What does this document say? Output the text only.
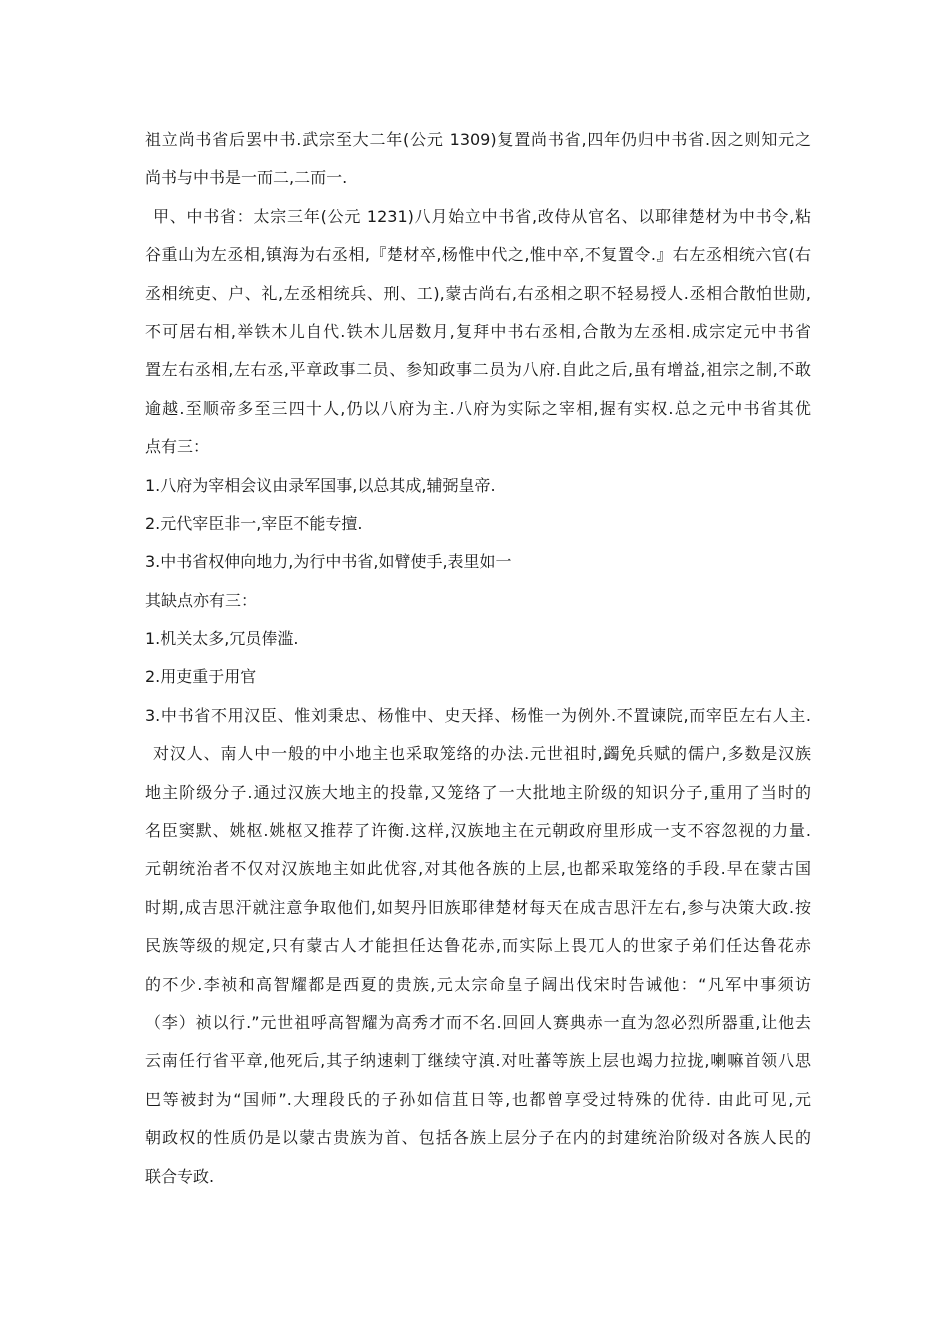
祖立尚书省后罢中书.武宗至大二年(公元 1309)复置尚书省,四年仍归中书省.因之则知元之
尚书与中书是一而二,二而一.
甲、中书省：太宗三年(公元 1231)八月始立中书省,改侍从官名、以耶律楚材为中书令,粘
谷重山为左丞相,镇海为右丞相,『楚材卒,杨惟中代之,惟中卒,不复置令.』右左丞相统六官(右
丞相统吏、户、礼,左丞相统兵、刑、工),蒙古尚右,右丞相之职不轻易授人.丞相合散怕世勋,
不可居右相,举铁木儿自代.铁木儿居数月,复拜中书右丞相,合散为左丞相.成宗定元中书省
置左右丞相,左右丞,平章政事二员、参知政事二员为八府.自此之后,虽有增益,祖宗之制,不敢
逾越.至顺帝多至三四十人,仍以八府为主.八府为实际之宰相,握有实权.总之元中书省其优
点有三：
1.八府为宰相会议由录军国事,以总其成,辅弼皇帝.
2.元代宰臣非一,宰臣不能专擅.
3.中书省权伸向地力,为行中书省,如臂使手,表里如一
其缺点亦有三：
1.机关太多,冗员俸滥.
2.用吏重于用官
3.中书省不用汉臣、惟刘秉忠、杨惟中、史天择、杨惟一为例外.不置谏院,而宰臣左右人主.
对汉人、南人中一般的中小地主也采取笼络的办法.元世祖时,蠲免兵赋的儒户,多数是汉族
地主阶级分子.通过汉族大地主的投靠,又笼络了一大批地主阶级的知识分子,重用了当时的
名臣窦默、姚枢.姚枢又推荐了许衡.这样,汉族地主在元朝政府里形成一支不容忽视的力量.
元朝统治者不仅对汉族地主如此优容,对其他各族的上层,也都采取笼络的手段.早在蒙古国
时期,成吉思汗就注意争取他们,如契丹旧族耶律楚材每天在成吉思汗左右,参与决策大政.按
民族等级的规定,只有蒙古人才能担任达鲁花赤,而实际上畏兀人的世家子弟们任达鲁花赤
的不少.李祯和高智耀都是西夏的贵族,元太宗命皇子阔出伐宋时告诫他：“凡军中事须访
（李）祯以行.”元世祖呼高智耀为高秀才而不名.回回人赛典赤一直为忽必烈所器重,让他去
云南任行省平章,他死后,其子纳速剌丁继续守滇.对吐蕃等族上层也竭力拉拢,喇嘛首领八思
巴等被封为“国师”.大理段氏的子孙如信苴日等,也都曾享受过特殊的优待. 由此可见,元
朝政权的性质仍是以蒙古贵族为首、包括各族上层分子在内的封建统治阶级对各族人民的
联合专政.
